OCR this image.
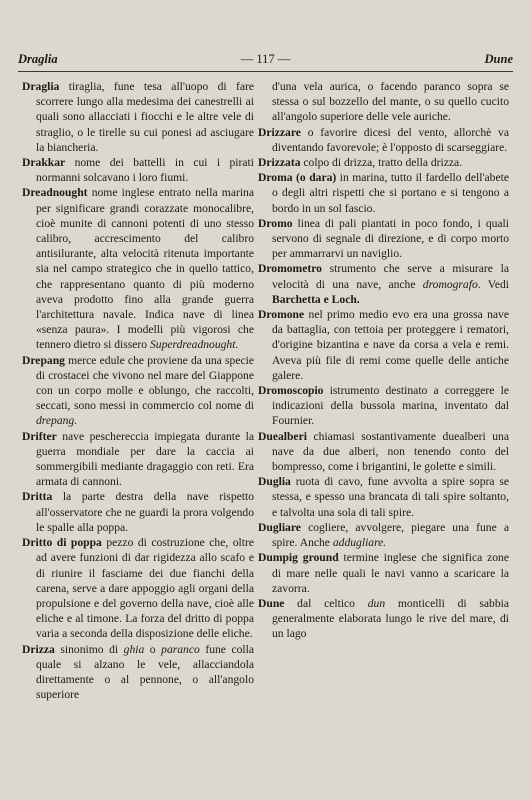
Draglia	— 117 —	Dune
Draglia tiraglia, fune tesa all'uopo di fare scorrere lungo alla medesima dei canestrelli ai quali sono allacciati i fiocchi e le altre vele di straglio, o le tirelle su cui ponesi ad asciugare la biancheria.
Drakkar nome dei battelli in cui i pirati normanni solcavano i loro fiumi.
Dreadnought nome inglese entrato nella marina per significare grandi corazzate monocalibre, cioè munite di cannoni potenti di uno stesso calibro, accrescimento del calibro antisilurante, alta velocità ritenuta importante sia nel campo strategico che in quello tattico, che rappresentano quanto di più moderno aveva prodotto fino alla grande guerra l'architettura navale. Indica nave di linea «senza paura». I modelli più vigorosi che tennero dietro si dissero Superdreadnought.
Drepang merce edule che proviene da una specie di crostacei che vivono nel mare del Giappone con un corpo molle e oblungo, che raccolti, seccati, sono messi in commercio col nome di drepang.
Drifter nave peschereccia impiegata durante la guerra mondiale per dare la caccia ai sommergibili mediante dragaggio con reti. Era armata di cannoni.
Dritta la parte destra della nave rispetto all'osservatore che ne guardi la prora volgendo le spalle alla poppa.
Dritto di poppa pezzo di costruzione che, oltre ad avere funzioni di dar rigidezza allo scafo e di riunire il fasciame dei due fianchi della carena, serve a dare appoggio agli organi della propulsione e del governo della nave, cioè alle eliche e al timone. La forza del dritto di poppa varia a seconda della disposizione delle eliche.
Drizza sinonimo di ghia o paranco fune colla quale si alzano le vele, allacciandola direttamente o al pennone, o all'angolo superiore
d'una vela aurica, o facendo paranco sopra se stessa o sul bozzello del mante, o su quello cucito all'angolo superiore delle vele auriche.
Drizzare o favorire dicesi del vento, allorchè va diventando favorevole; è l'opposto di scarseggiare.
Drizzata colpo di drizza, tratto della drizza.
Droma (o dara) in marina, tutto il fardello dell'abete o degli altri rispetti che si portano e si tengono a bordo in un sol fascio.
Dromo linea di pali piantati in poco fondo, i quali servono di segnale di direzione, e di corpo morto per ammarrarvi un naviglio.
Dromometro strumento che serve a misurare la velocità di una nave, anche dromografo. Vedi Barchetta e Loch.
Dromone nel primo medio evo era una grossa nave da battaglia, con tettoia per proteggere i rematori, d'origine bizantina e nave da corsa a vela e remi. Aveva più file di remi come quelle delle antiche galere.
Dromoscopio istrumento destinato a correggere le indicazioni della bussola marina, inventato dal Fournier.
Duealberi chiamasi sostantivamente duealberi una nave da due alberi, non tenendo conto del bompresso, come i brigantini, le golette e simili.
Duglia ruota di cavo, fune avvolta a spire sopra se stessa, e spesso una brancata di tali spire soltanto, e talvolta una sola di tali spire.
Dugliare cogliere, avvolgere, piegare una fune a spire. Anche addugliare.
Dumpig ground termine inglese che significa zone di mare nelle quali le navi vanno a scaricare la zavorra.
Dune dal celtico dun monticelli di sabbia generalmente elaborata lungo le rive del mare, di un lago
